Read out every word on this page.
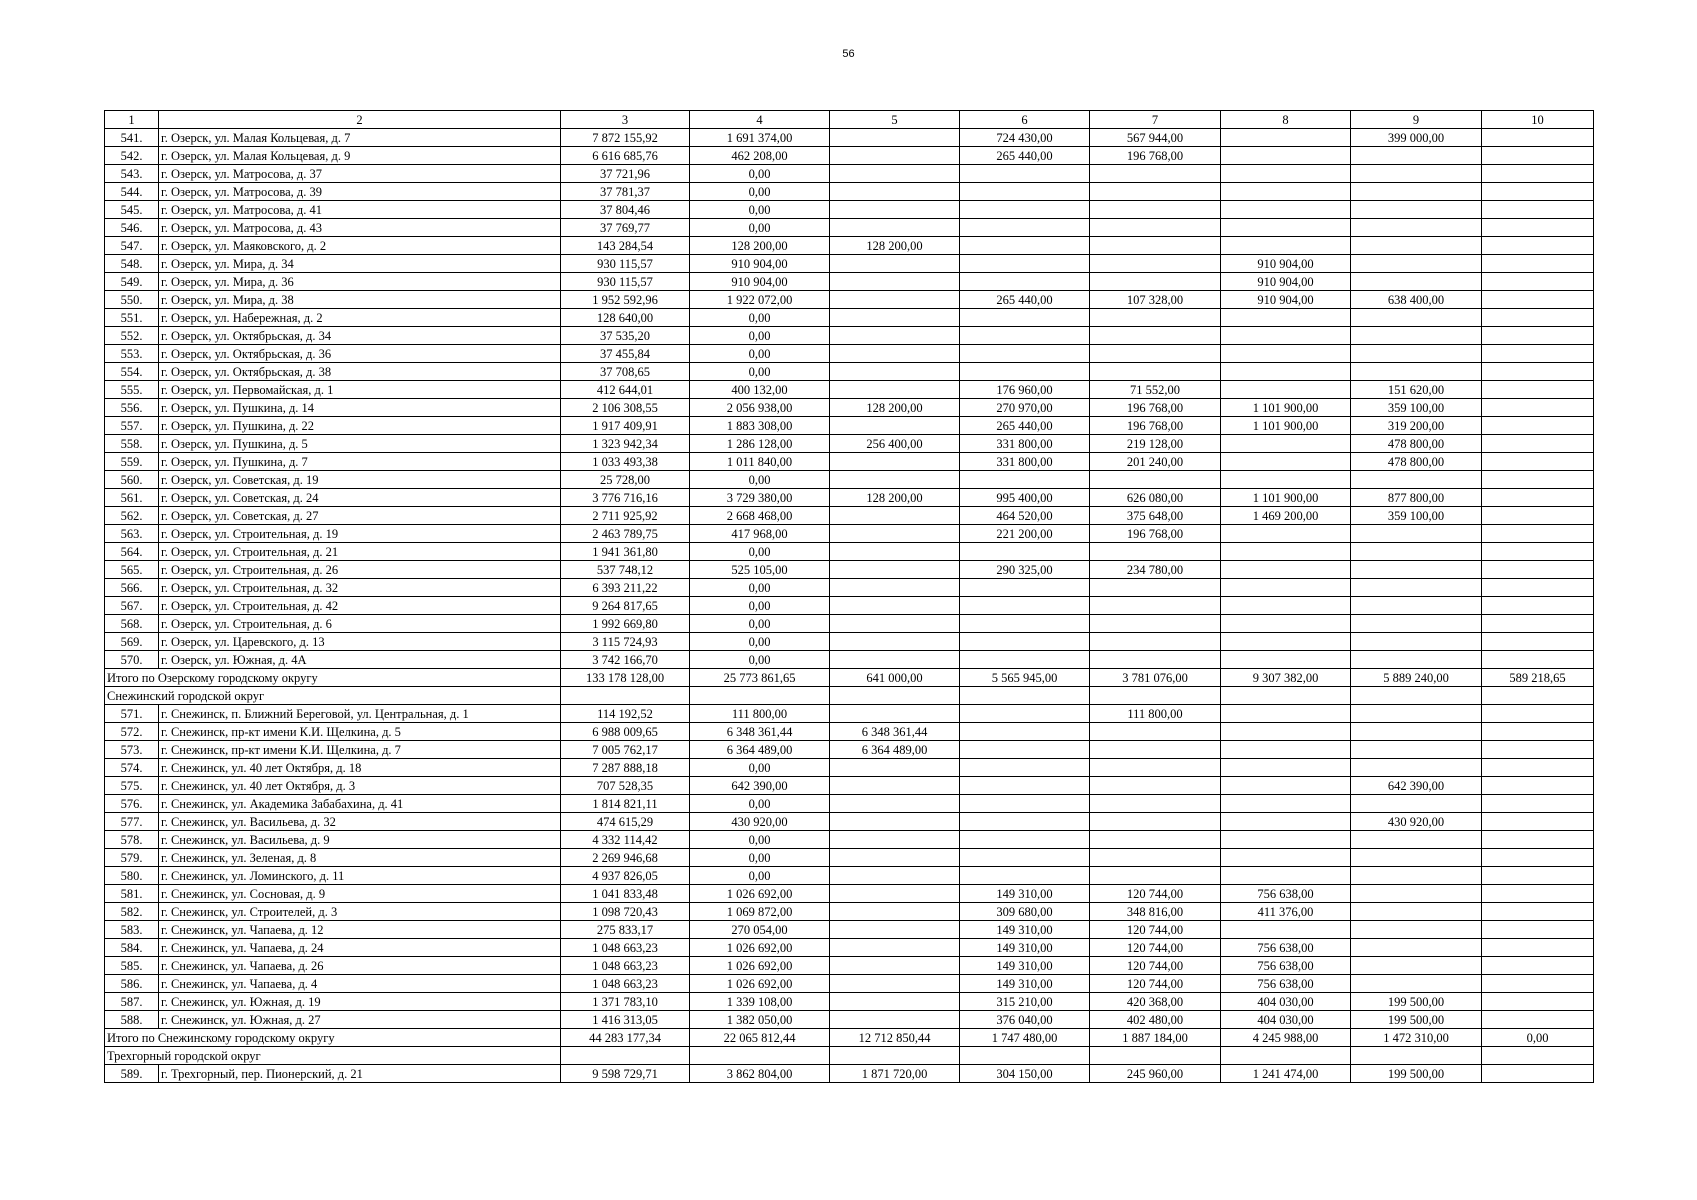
56
1	2	3	4	5	6	7	8	9	10
541.	г. Озерск, ул. Малая Кольцевая, д. 7	7 872 155,92	1 691 374,00		724 430,00	567 944,00		399 000,00	
542.	г. Озерск, ул. Малая Кольцевая, д. 9	6 616 685,76	462 208,00		265 440,00	196 768,00			
543.	г. Озерск, ул. Матросова, д. 37	37 721,96	0,00						
544.	г. Озерск, ул. Матросова, д. 39	37 781,37	0,00						
545.	г. Озерск, ул. Матросова, д. 41	37 804,46	0,00						
546.	г. Озерск, ул. Матросова, д. 43	37 769,77	0,00						
547.	г. Озерск, ул. Маяковского, д. 2	143 284,54	128 200,00	128 200,00					
548.	г. Озерск, ул. Мира, д. 34	930 115,57	910 904,00				910 904,00		
549.	г. Озерск, ул. Мира, д. 36	930 115,57	910 904,00				910 904,00		
550.	г. Озерск, ул. Мира, д. 38	1 952 592,96	1 922 072,00		265 440,00	107 328,00	910 904,00	638 400,00	
551.	г. Озерск, ул. Набережная, д. 2	128 640,00	0,00						
552.	г. Озерск, ул. Октябрьская, д. 34	37 535,20	0,00						
553.	г. Озерск, ул. Октябрьская, д. 36	37 455,84	0,00						
554.	г. Озерск, ул. Октябрьская, д. 38	37 708,65	0,00						
555.	г. Озерск, ул. Первомайская, д. 1	412 644,01	400 132,00		176 960,00	71 552,00		151 620,00	
556.	г. Озерск, ул. Пушкина, д. 14	2 106 308,55	2 056 938,00	128 200,00	270 970,00	196 768,00	1 101 900,00	359 100,00	
557.	г. Озерск, ул. Пушкина, д. 22	1 917 409,91	1 883 308,00		265 440,00	196 768,00	1 101 900,00	319 200,00	
558.	г. Озерск, ул. Пушкина, д. 5	1 323 942,34	1 286 128,00	256 400,00	331 800,00	219 128,00		478 800,00	
559.	г. Озерск, ул. Пушкина, д. 7	1 033 493,38	1 011 840,00		331 800,00	201 240,00		478 800,00	
560.	г. Озерск, ул. Советская, д. 19	25 728,00	0,00						
561.	г. Озерск, ул. Советская, д. 24	3 776 716,16	3 729 380,00	128 200,00	995 400,00	626 080,00	1 101 900,00	877 800,00	
562.	г. Озерск, ул. Советская, д. 27	2 711 925,92	2 668 468,00		464 520,00	375 648,00	1 469 200,00	359 100,00	
563.	г. Озерск, ул. Строительная, д. 19	2 463 789,75	417 968,00		221 200,00	196 768,00			
564.	г. Озерск, ул. Строительная, д. 21	1 941 361,80	0,00						
565.	г. Озерск, ул. Строительная, д. 26	537 748,12	525 105,00		290 325,00	234 780,00			
566.	г. Озерск, ул. Строительная, д. 32	6 393 211,22	0,00						
567.	г. Озерск, ул. Строительная, д. 42	9 264 817,65	0,00						
568.	г. Озерск, ул. Строительная, д. 6	1 992 669,80	0,00						
569.	г. Озерск, ул. Царевского, д. 13	3 115 724,93	0,00						
570.	г. Озерск, ул. Южная, д. 4А	3 742 166,70	0,00						
Итого по Озерскому городскому округу		133 178 128,00	25 773 861,65	641 000,00	5 565 945,00	3 781 076,00	9 307 382,00	5 889 240,00	589 218,65
Снежинский городской округ									
571.	г. Снежинск, п. Ближний Береговой, ул. Центральная, д. 1	114 192,52	111 800,00			111 800,00			
572.	г. Снежинск, пр-кт имени К.И. Щелкина, д. 5	6 988 009,65	6 348 361,44	6 348 361,44					
573.	г. Снежинск, пр-кт имени К.И. Щелкина, д. 7	7 005 762,17	6 364 489,00	6 364 489,00					
574.	г. Снежинск, ул. 40 лет Октября, д. 18	7 287 888,18	0,00						
575.	г. Снежинск, ул. 40 лет Октября, д. 3	707 528,35	642 390,00					642 390,00	
576.	г. Снежинск, ул. Академика Забабахина, д. 41	1 814 821,11	0,00						
577.	г. Снежинск, ул. Васильева, д. 32	474 615,29	430 920,00					430 920,00	
578.	г. Снежинск, ул. Васильева, д. 9	4 332 114,42	0,00						
579.	г. Снежинск, ул. Зеленая, д. 8	2 269 946,68	0,00						
580.	г. Снежинск, ул. Ломинского, д. 11	4 937 826,05	0,00						
581.	г. Снежинск, ул. Сосновая, д. 9	1 041 833,48	1 026 692,00		149 310,00	120 744,00	756 638,00		
582.	г. Снежинск, ул. Строителей, д. 3	1 098 720,43	1 069 872,00		309 680,00	348 816,00	411 376,00		
583.	г. Снежинск, ул. Чапаева, д. 12	275 833,17	270 054,00		149 310,00	120 744,00			
584.	г. Снежинск, ул. Чапаева, д. 24	1 048 663,23	1 026 692,00		149 310,00	120 744,00	756 638,00		
585.	г. Снежинск, ул. Чапаева, д. 26	1 048 663,23	1 026 692,00		149 310,00	120 744,00	756 638,00		
586.	г. Снежинск, ул. Чапаева, д. 4	1 048 663,23	1 026 692,00		149 310,00	120 744,00	756 638,00		
587.	г. Снежинск, ул. Южная, д. 19	1 371 783,10	1 339 108,00		315 210,00	420 368,00	404 030,00	199 500,00	
588.	г. Снежинск, ул. Южная, д. 27	1 416 313,05	1 382 050,00		376 040,00	402 480,00	404 030,00	199 500,00	
Итого по Снежинскому городскому округу		44 283 177,34	22 065 812,44	12 712 850,44	1 747 480,00	1 887 184,00	4 245 988,00	1 472 310,00	0,00
Трехгорный городской округ									
589.	г. Трехгорный, пер. Пионерский, д. 21	9 598 729,71	3 862 804,00	1 871 720,00	304 150,00	245 960,00	1 241 474,00	199 500,00	
